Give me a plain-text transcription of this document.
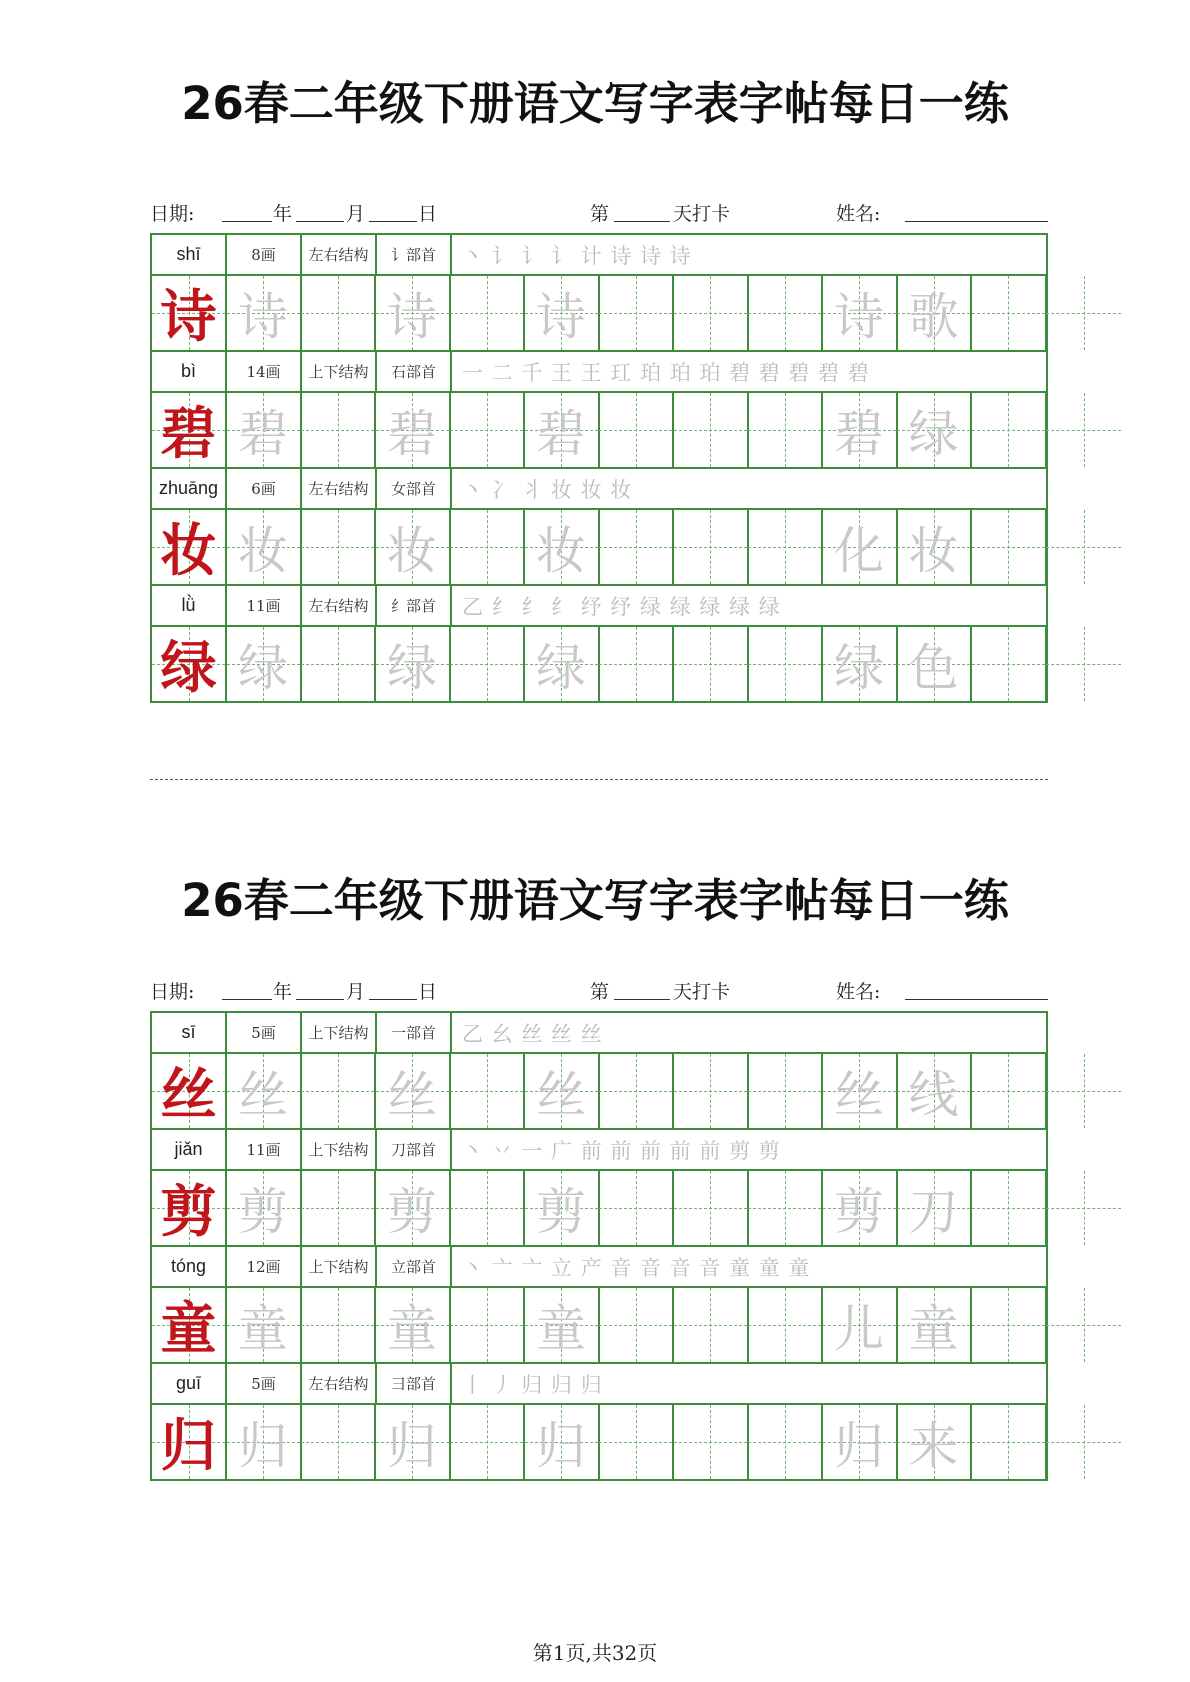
26春二年级下册语文写字表字帖每日一练
日期:	年	月	日	第	天打卡	姓名:
shī	8画	左右结构	讠部首	丶 讠 讠 讠 计 诗 诗 诗
诗 诗 诗 诗	诗 歌
bì	14画	上下结构	石部首	一 二 千 王 王 玒 珀 珀 珀 碧 碧 碧 碧 碧
碧 碧 碧 碧	碧 绿
zhuāng	6画	左右结构	女部首	丶 冫 丬 妆 妆 妆
妆 妆 妆 妆	化 妆
lǜ	11画	左右结构	纟部首	乙 纟 纟 纟 纾 纾 绿 绿 绿 绿 绿
绿 绿 绿 绿	绿 色
26春二年级下册语文写字表字帖每日一练
日期:	年	月	日	第	天打卡	姓名:
sī	5画	上下结构	一部首	乙 幺 丝 丝 丝
丝 丝 丝 丝	丝 线
jiǎn	11画	上下结构	刀部首	丶 丷 一 广 前 前 前 前 前 剪 剪
剪 剪 剪 剪	剪 刀
tóng	12画	上下结构	立部首	丶 亠 亠 立 产 音 音 音 音 童 童 童
童 童 童 童	儿 童
guī	5画	左右结构	彐部首	丨 丿 归 归 归
归 归 归 归	归 来
第1页,共32页
